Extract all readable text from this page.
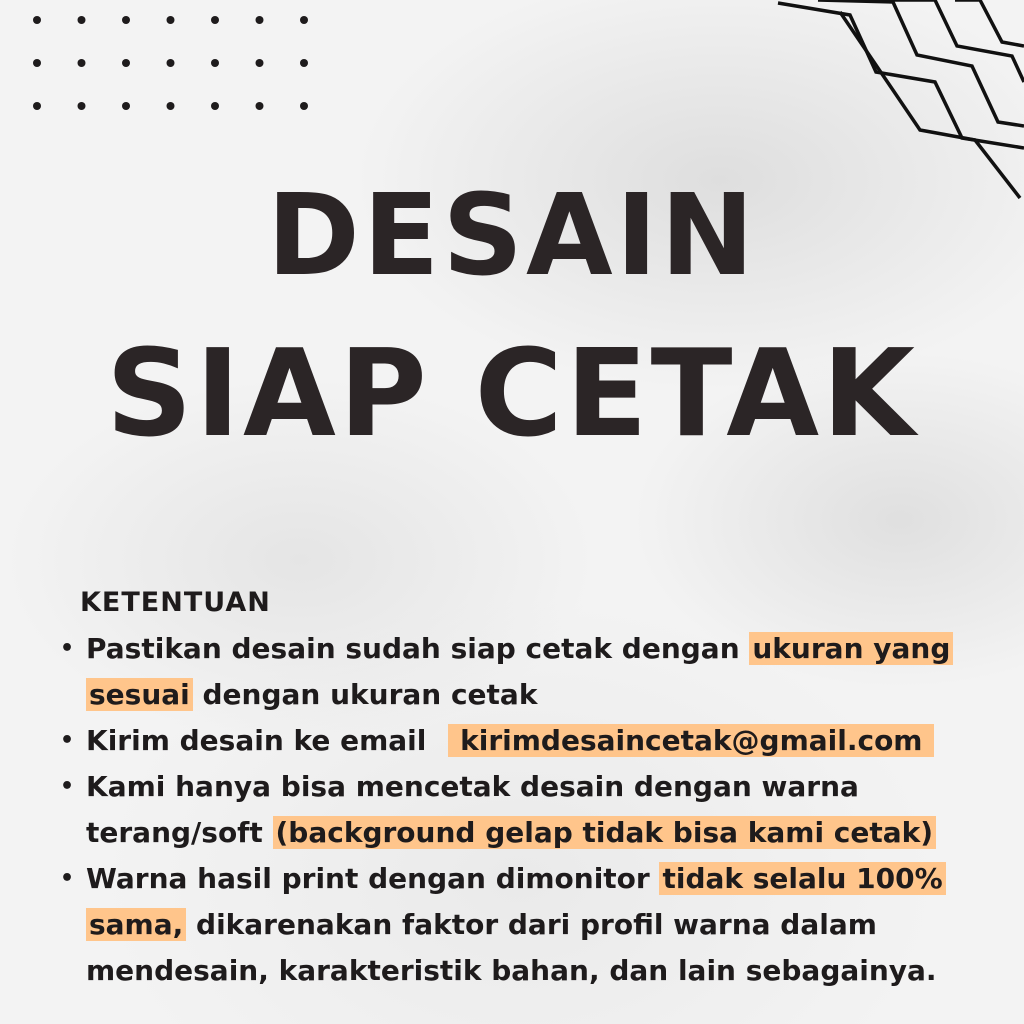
DESAIN
SIAP CETAK
KETENTUAN
• Pastikan desain sudah siap cetak dengan ukuran yang
sesuai dengan ukuran cetak
• Kirim desain ke email kirimdesaincetak@gmail.com
• Kami hanya bisa mencetak desain dengan warna
terang/soft (background gelap tidak bisa kami cetak)
• Warna hasil print dengan dimonitor tidak selalu 100%
sama, dikarenakan faktor dari profil warna dalam
mendesain, karakteristik bahan, dan lain sebagainya.
